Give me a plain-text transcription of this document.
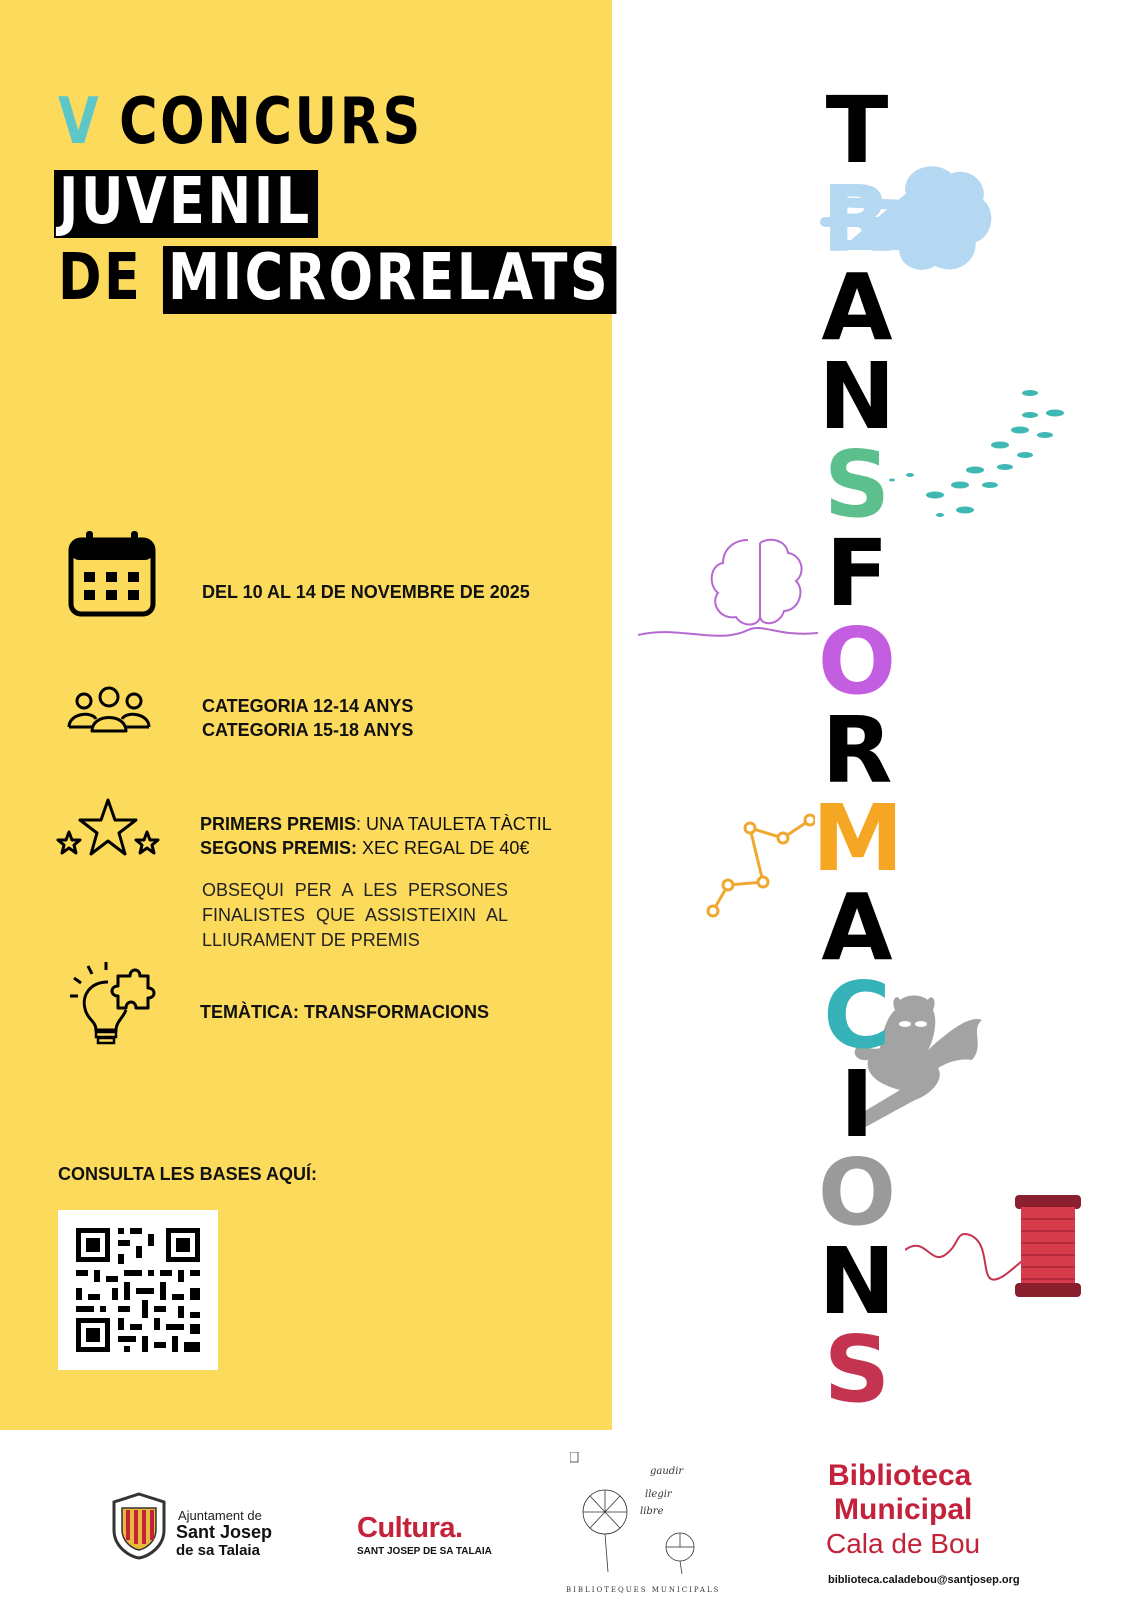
V CONCURS
JUVENIL
DE MICRORELATS
DEL 10 AL 14 DE NOVEMBRE DE 2025
CATEGORIA 12-14 ANYS
CATEGORIA 15-18 ANYS
PRIMERS PREMIS: UNA TAULETA TÀCTIL
SEGONS PREMIS: XEC REGAL DE 40€
OBSEQUI PER A LES PERSONES FINALISTES QUE ASSISTEIXIN AL LLIURAMENT DE PREMIS
TEMÀTICA: TRANSFORMACIONS
CONSULTA LES BASES AQUÍ:
T
R
A
N
S
F
O
R
M
A
C
I
O
N
S
Ajuntament de
Sant Josep
de sa Talaia
Cultura.
SANT JOSEP DE SA TALAIA
llegir
gaudir
libre
BIBLIOTEQUES MUNICIPALS
Biblioteca
Municipal
Cala de Bou
biblioteca.caladebou@santjosep.org
